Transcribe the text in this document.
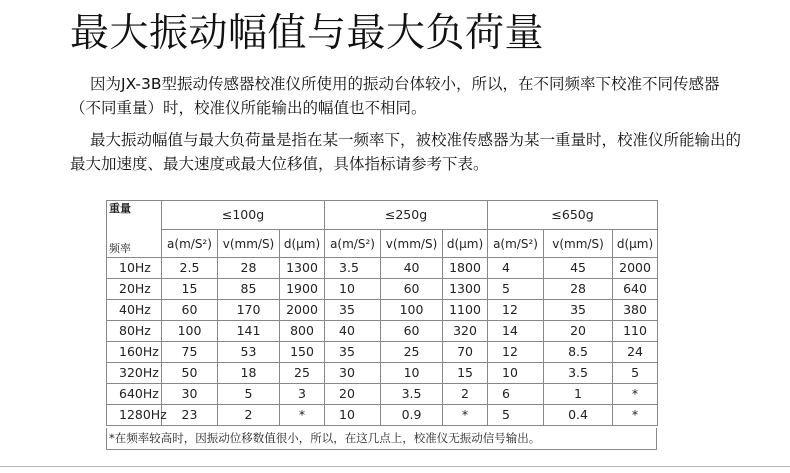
最大振动幅值与最大负荷量

因为JX-3B型振动传感器校准仪所使用的振动台体较小，所以，在不同频率下校准不同传感器（不同重量）时，校准仪所能输出的幅值也不相同。

最大振动幅值与最大负荷量是指在某一频率下，被校准传感器为某一重量时，校准仪所能输出的最大加速度、最大速度或最大位移值，具体指标请参考下表。

重量
频率	≤100g			≤250g			≤650g		
	a(m/S²)	v(mm/S)	d(μm)	a(m/S²)	v(mm/S)	d(μm)	a(m/S²)	v(mm/S)	d(μm)
10Hz	2.5	28	1300	3.5	40	1800	4	45	2000
20Hz	15	85	1900	10	60	1300	5	28	640
40Hz	60	170	2000	35	100	1100	12	35	380
80Hz	100	141	800	40	60	320	14	20	110
160Hz	75	53	150	35	25	70	12	8.5	24
320Hz	50	18	25	30	10	15	10	3.5	5
640Hz	30	5	3	20	3.5	2	6	1	*
1280Hz	23	2	*	10	0.9	*	5	0.4	*
*在频率较高时，因振动位移数值很小，所以，在这几点上，校准仪无振动信号输出。
